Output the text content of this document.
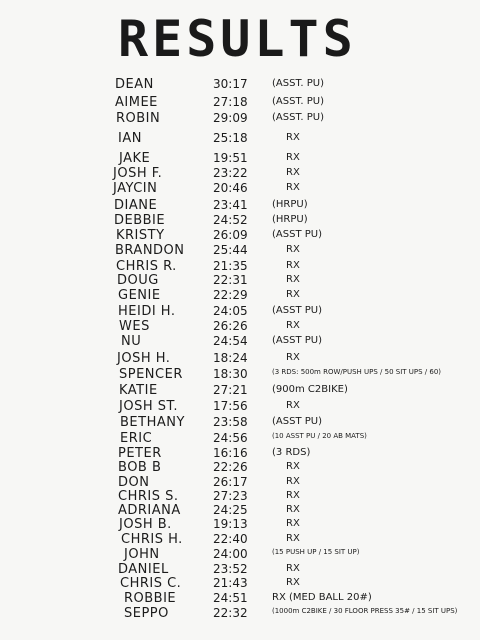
RESULTS
DEAN	30:17 (ASST. PU)
AIMEE	27:18 (ASST. PU)
ROBIN	29:09 (ASST. PU)
IAN	25:18	RX
JAKE	19:51	RX
JOSH F.	23:22	RX
JAYCIN	20:46	RX
DIANE	23:41 (HRPU)
DEBBIE	24:52 (HRPU)
KRISTY	26:09 (ASST PU)
BRANDON 25:44	RX
CHRIS R.	21:35	RX
DOUG	22:31	RX
GENIE	22:29	RX
HEIDI H.	24:05 (ASST PU)
WES	26:26	RX
NU	24:54 (ASST PU)
JOSH H.	18:24	RX
SPENCER	18:30	(3 RDS: 500m ROW/PUSH UPS / 50 SIT UPS / 60)
KATIE	27:21 (900m C2BIKE)
JOSH ST.	17:56	RX
BETHANY 23:58 (ASST PU)
ERIC	24:56	(10 ASST PU / 20 AB MATS)
PETER	16:16 (3 RDS)
BOB B	22:26	RX
DON	26:17	RX
CHRIS S.	27:23	RX
ADRIANA	24:25	RX
JOSH B.	19:13	RX
CHRIS H.	22:40	RX
JOHN	24:00	(15 PUSH UP / 15 SIT UP)
DANIEL	23:52	RX
CHRIS C.	21:43	RX
ROBBIE	24:51 RX (MED BALL 20#)
SEPPO	22:32	(1000m C2BIKE / 30 FLOOR PRESS 35# / 15 SIT UPS)
